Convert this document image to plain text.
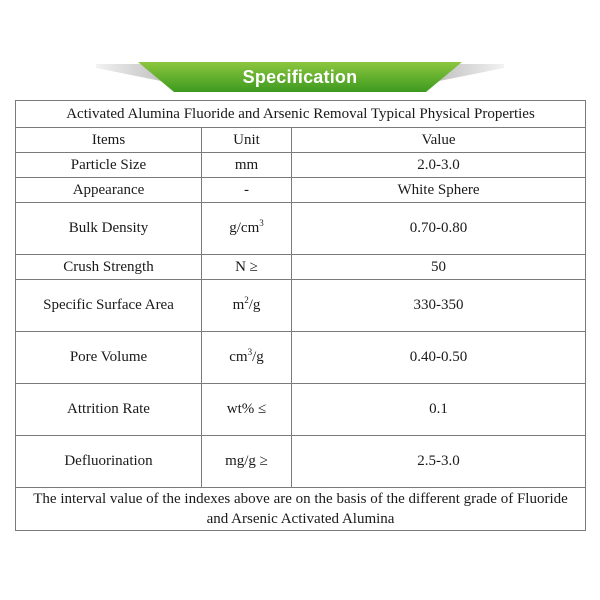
Specification
Activated Alumina Fluoride and Arsenic Removal Typical Physical Properties		
Items	Unit	Value
Particle Size	mm	2.0-3.0
Appearance	-	White Sphere
Bulk Density	$g/cm^3$	0.70-0.80
Crush Strength	N ≥	50
Specific Surface Area	$m^2/g$	330-350
Pore Volume	$cm^3/g$	0.40-0.50
Attrition Rate	wt% ≤	0.1
Defluorination	mg/g ≥	2.5-3.0
The interval value of the indexes above are on the basis of the different grade of Fluoride and Arsenic Activated Alumina		
